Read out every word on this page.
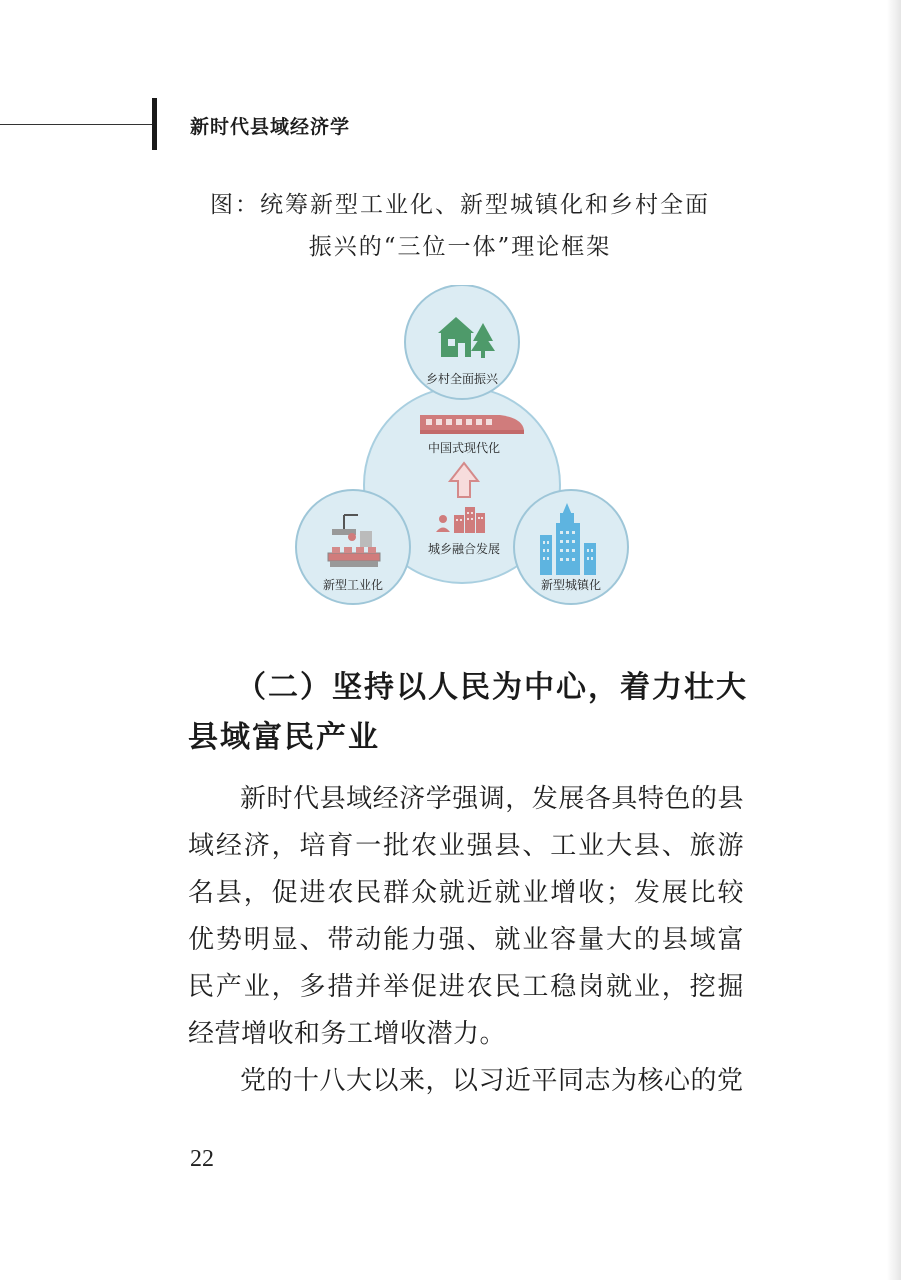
新时代县域经济学
图：统筹新型工业化、新型城镇化和乡村全面
振兴的“三位一体”理论框架
乡村全面振兴
中国式现代化
城乡融合发展
新型工业化	新型城镇化
（二）坚持以人民为中心，着力壮大
县域富民产业
新时代县域经济学强调，发展各具特色的县域经济，培育一批农业强县、工业大县、旅游名县，促进农民群众就近就业增收；发展比较优势明显、带动能力强、就业容量大的县域富民产业，多措并举促进农民工稳岗就业，挖掘经营增收和务工增收潜力。
党的十八大以来，以习近平同志为核心的党
22
